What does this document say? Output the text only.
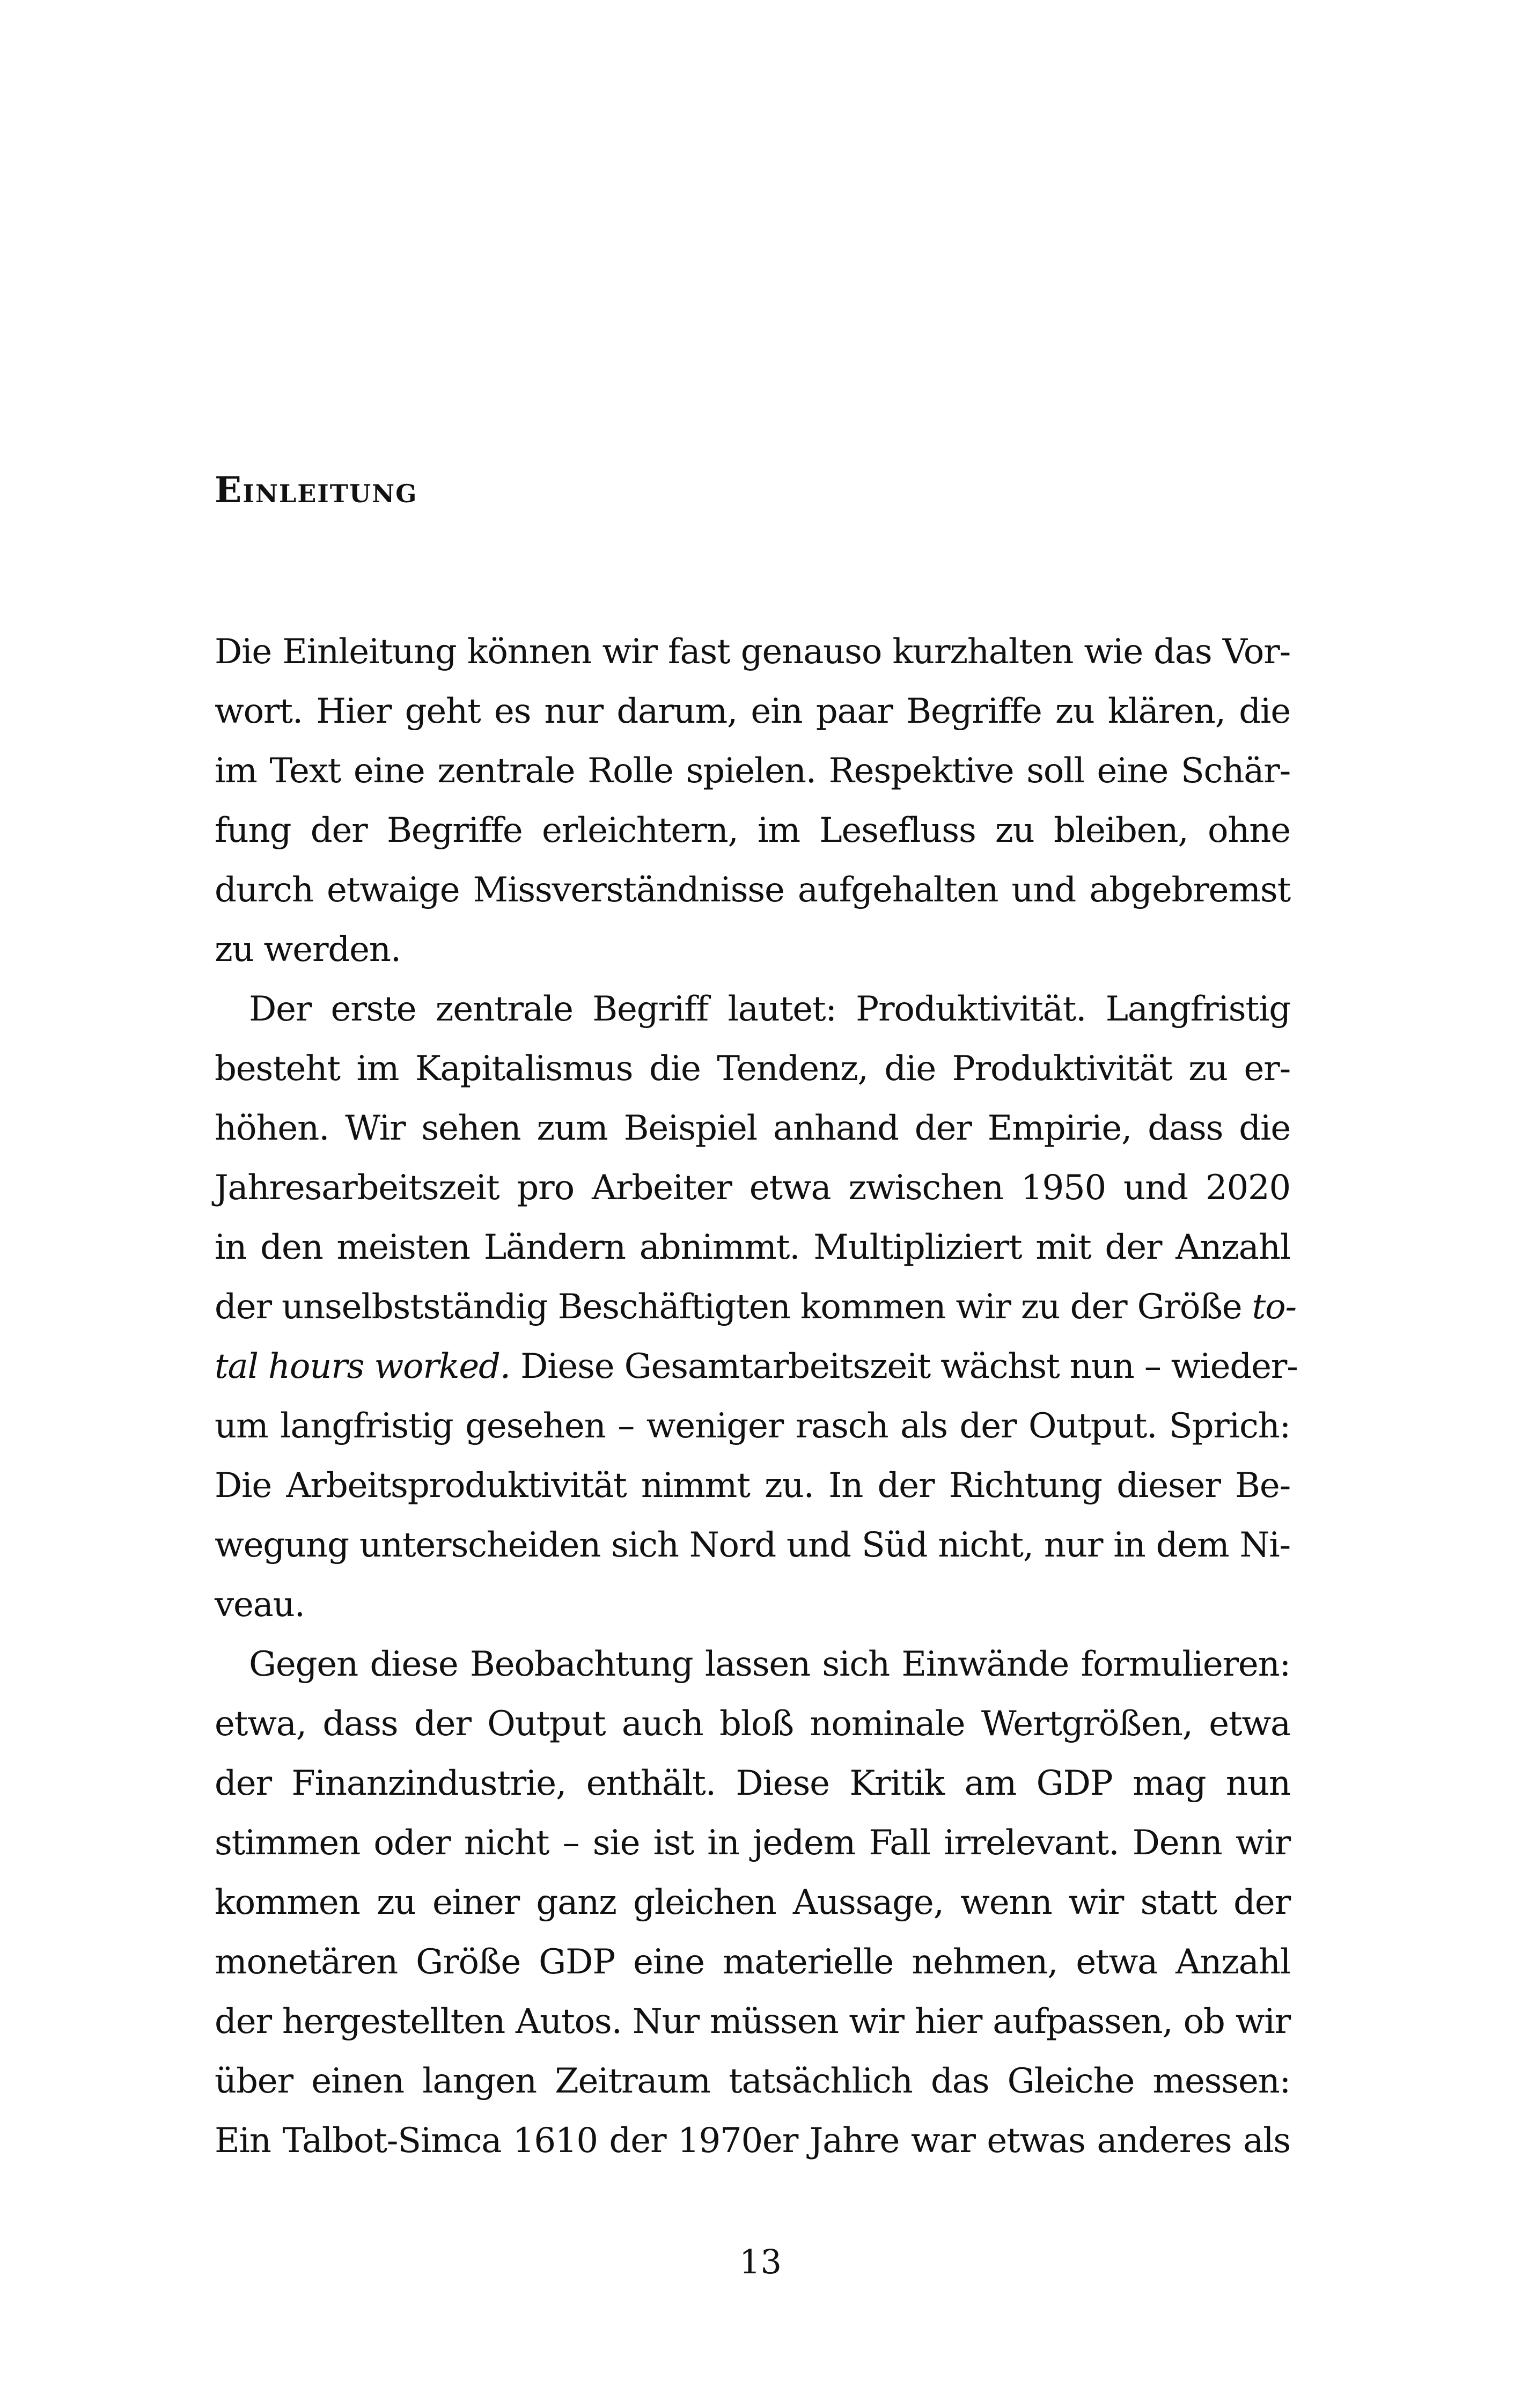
Einleitung
Die Einleitung können wir fast genauso kurzhalten wie das Vor-
wort. Hier geht es nur darum, ein paar Begriffe zu klären, die
im Text eine zentrale Rolle spielen. Respektive soll eine Schär-
fung der Begriffe erleichtern, im Lesefluss zu bleiben, ohne
durch etwaige Missverständnisse aufgehalten und abgebremst
zu werden.
Der erste zentrale Begriff lautet: Produktivität. Langfristig
besteht im Kapitalismus die Tendenz, die Produktivität zu er-
höhen. Wir sehen zum Beispiel anhand der Empirie, dass die
Jahresarbeitszeit pro Arbeiter etwa zwischen 1950 und 2020
in den meisten Ländern abnimmt. Multipliziert mit der Anzahl
der unselbstständig Beschäftigten kommen wir zu der Größe to-
tal hours worked. Diese Gesamtarbeitszeit wächst nun – wieder-
um langfristig gesehen – weniger rasch als der Output. Sprich:
Die Arbeitsproduktivität nimmt zu. In der Richtung dieser Be-
wegung unterscheiden sich Nord und Süd nicht, nur in dem Ni-
veau.
Gegen diese Beobachtung lassen sich Einwände formulieren:
etwa, dass der Output auch bloß nominale Wertgrößen, etwa
der Finanzindustrie, enthält. Diese Kritik am GDP mag nun
stimmen oder nicht – sie ist in jedem Fall irrelevant. Denn wir
kommen zu einer ganz gleichen Aussage, wenn wir statt der
monetären Größe GDP eine materielle nehmen, etwa Anzahl
der hergestellten Autos. Nur müssen wir hier aufpassen, ob wir
über einen langen Zeitraum tatsächlich das Gleiche messen:
Ein Talbot-Simca 1610 der 1970er Jahre war etwas anderes als
13
